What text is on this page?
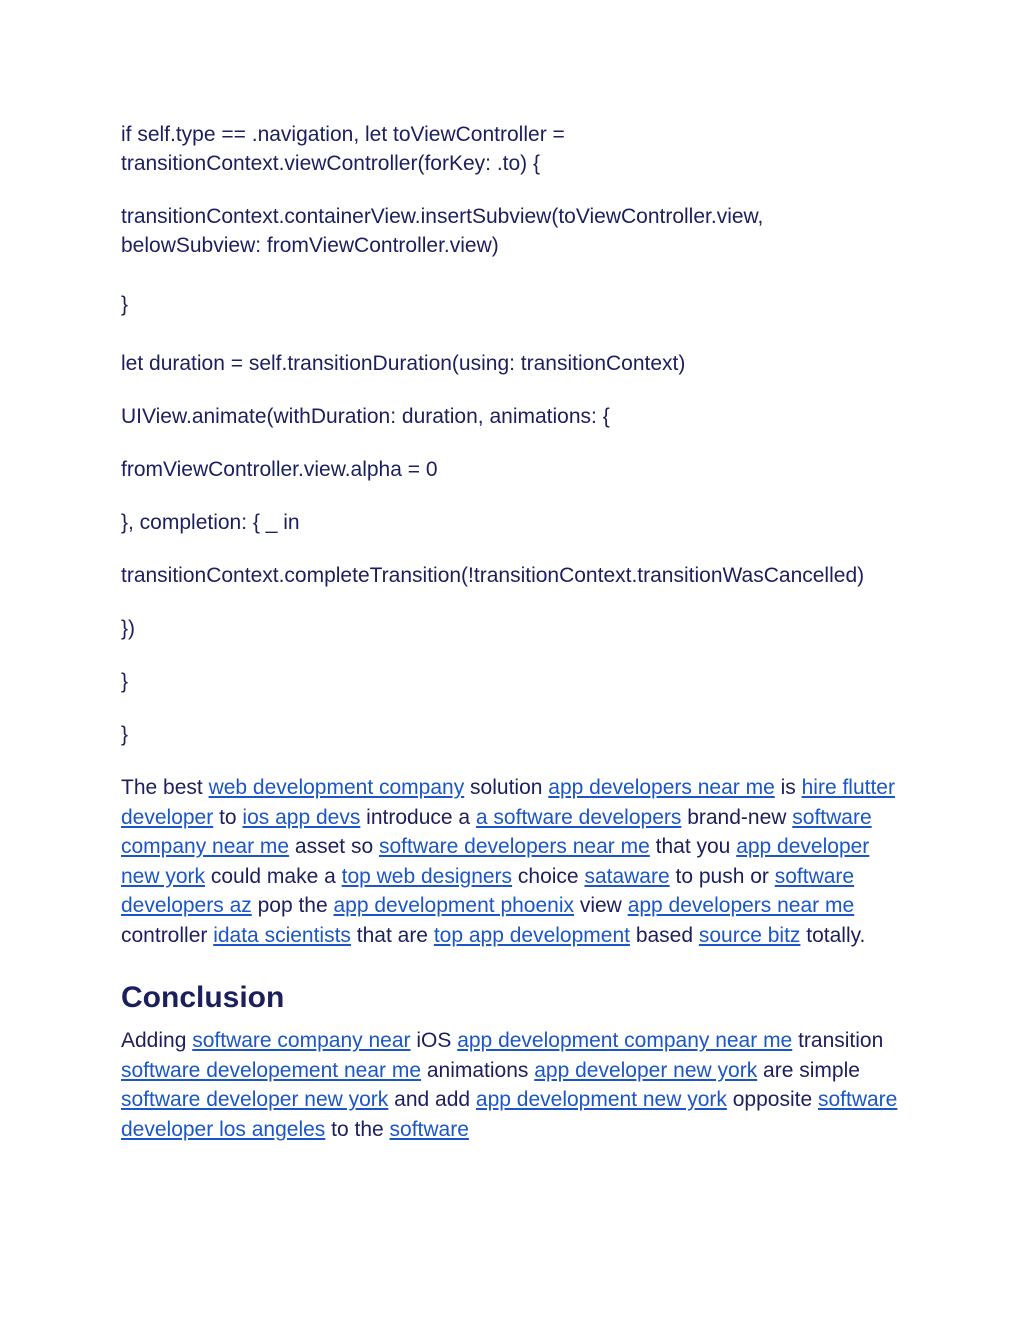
if self.type == .navigation, let toViewController = transitionContext.viewController(forKey: .to) {

transitionContext.containerView.insertSubview(toViewController.view, belowSubview: fromViewController.view)

}

let duration = self.transitionDuration(using: transitionContext)

UIView.animate(withDuration: duration, animations: {

fromViewController.view.alpha = 0

}, completion: { _ in

transitionContext.completeTransition(!transitionContext.transitionWasCancelled)

})

}

}

The best web development company solution app developers near me is hire flutter developer to ios app devs introduce a a software developers brand-new software company near me asset so software developers near me that you app developer new york could make a top web designers choice sataware to push or software developers az pop the app development phoenix view app developers near me controller idata scientists that are top app development based source bitz totally.

Conclusion

Adding software company near iOS app development company near me transition software developement near me animations app developer new york are simple software developer new york and add app development new york opposite software developer los angeles to the software
